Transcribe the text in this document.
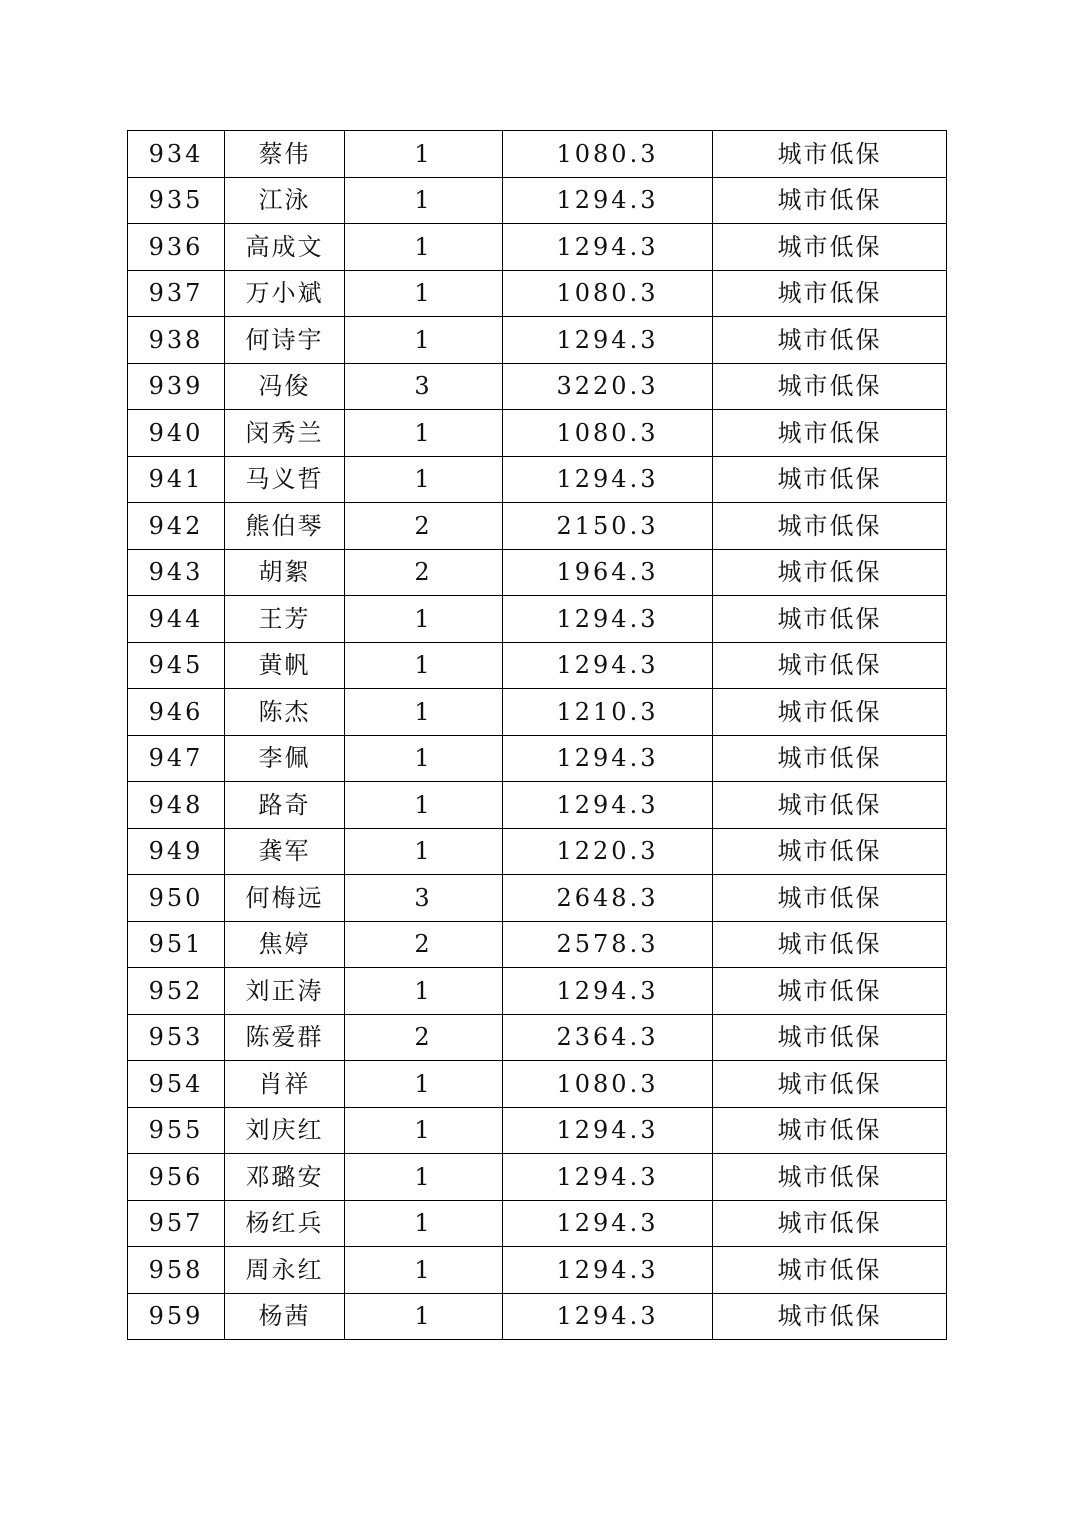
934	蔡伟	1	1080.3	城市低保
935	江泳	1	1294.3	城市低保
936	高成文	1	1294.3	城市低保
937	万小斌	1	1080.3	城市低保
938	何诗宇	1	1294.3	城市低保
939	冯俊	3	3220.3	城市低保
940	闵秀兰	1	1080.3	城市低保
941	马义哲	1	1294.3	城市低保
942	熊伯琴	2	2150.3	城市低保
943	胡絮	2	1964.3	城市低保
944	王芳	1	1294.3	城市低保
945	黄帆	1	1294.3	城市低保
946	陈杰	1	1210.3	城市低保
947	李佩	1	1294.3	城市低保
948	路奇	1	1294.3	城市低保
949	龚军	1	1220.3	城市低保
950	何梅远	3	2648.3	城市低保
951	焦婷	2	2578.3	城市低保
952	刘正涛	1	1294.3	城市低保
953	陈爱群	2	2364.3	城市低保
954	肖祥	1	1080.3	城市低保
955	刘庆红	1	1294.3	城市低保
956	邓璐安	1	1294.3	城市低保
957	杨红兵	1	1294.3	城市低保
958	周永红	1	1294.3	城市低保
959	杨茜	1	1294.3	城市低保
